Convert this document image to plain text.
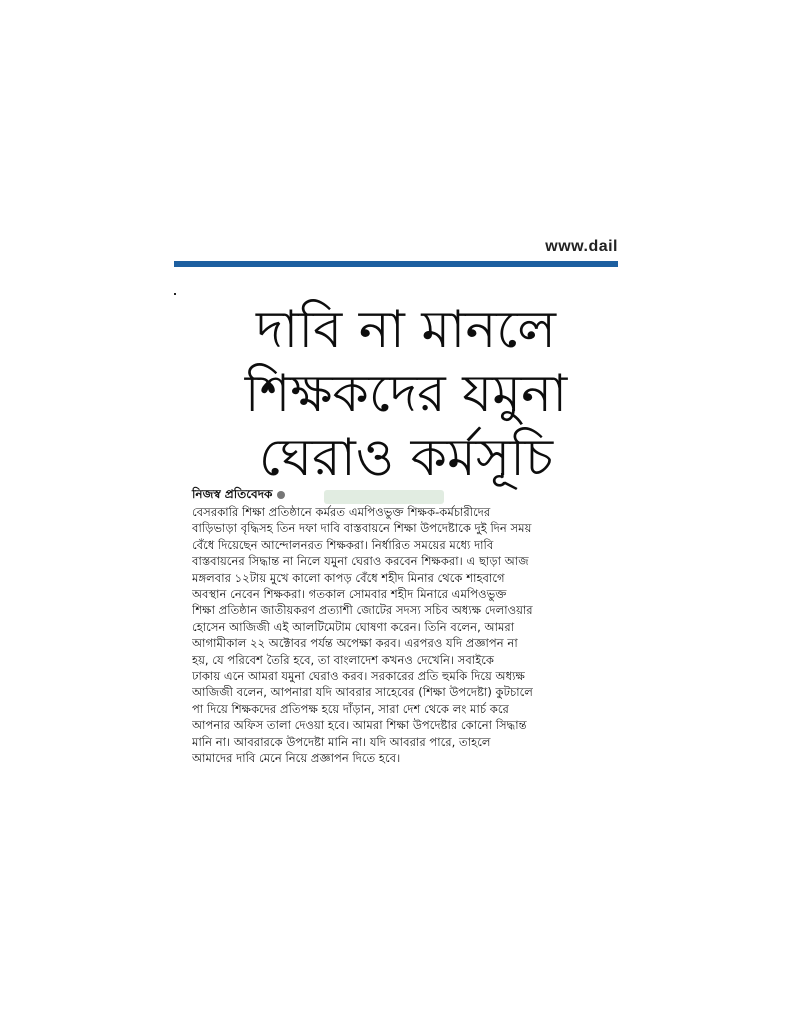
www.dail
দাবি না মানলে
শিক্ষকদের যমুনা
ঘেরাও কর্মসূচি
নিজস্ব প্রতিবেদক
বেসরকারি শিক্ষা প্রতিষ্ঠানে কর্মরত এমপিওভুক্ত শিক্ষক-কর্মচারীদের
বাড়িভাড়া বৃদ্ধিসহ তিন দফা দাবি বাস্তবায়নে শিক্ষা উপদেষ্টাকে দুই দিন সময়
বেঁধে দিয়েছেন আন্দোলনরত শিক্ষকরা। নির্ধারিত সময়ের মধ্যে দাবি
বাস্তবায়নের সিদ্ধান্ত না নিলে যমুনা ঘেরাও করবেন শিক্ষকরা। এ ছাড়া আজ
মঙ্গলবার ১২টায় মুখে কালো কাপড় বেঁধে শহীদ মিনার থেকে শাহবাগে
অবস্থান নেবেন শিক্ষকরা। গতকাল সোমবার শহীদ মিনারে এমপিওভুক্ত
শিক্ষা প্রতিষ্ঠান জাতীয়করণ প্রত্যাশী জোটের সদস্য সচিব অধ্যক্ষ দেলাওয়ার
হোসেন আজিজী এই আলটিমেটাম ঘোষণা করেন। তিনি বলেন, আমরা
আগামীকাল ২২ অক্টোবর পর্যন্ত অপেক্ষা করব। এরপরও যদি প্রজ্ঞাপন না
হয়, যে পরিবেশ তৈরি হবে, তা বাংলাদেশ কখনও দেখেনি। সবাইকে
ঢাকায় এনে আমরা যমুনা ঘেরাও করব। সরকারের প্রতি হুমকি দিয়ে অধ্যক্ষ
আজিজী বলেন, আপনারা যদি আবরার সাহেবের (শিক্ষা উপদেষ্টা) কুটচালে
পা দিয়ে শিক্ষকদের প্রতিপক্ষ হয়ে দাঁড়ান, সারা দেশ থেকে লং মার্চ করে
আপনার অফিস তালা দেওয়া হবে। আমরা শিক্ষা উপদেষ্টার কোনো সিদ্ধান্ত
মানি না। আবরারকে উপদেষ্টা মানি না। যদি আবরার পারে, তাহলে
আমাদের দাবি মেনে নিয়ে প্রজ্ঞাপন দিতে হবে।
